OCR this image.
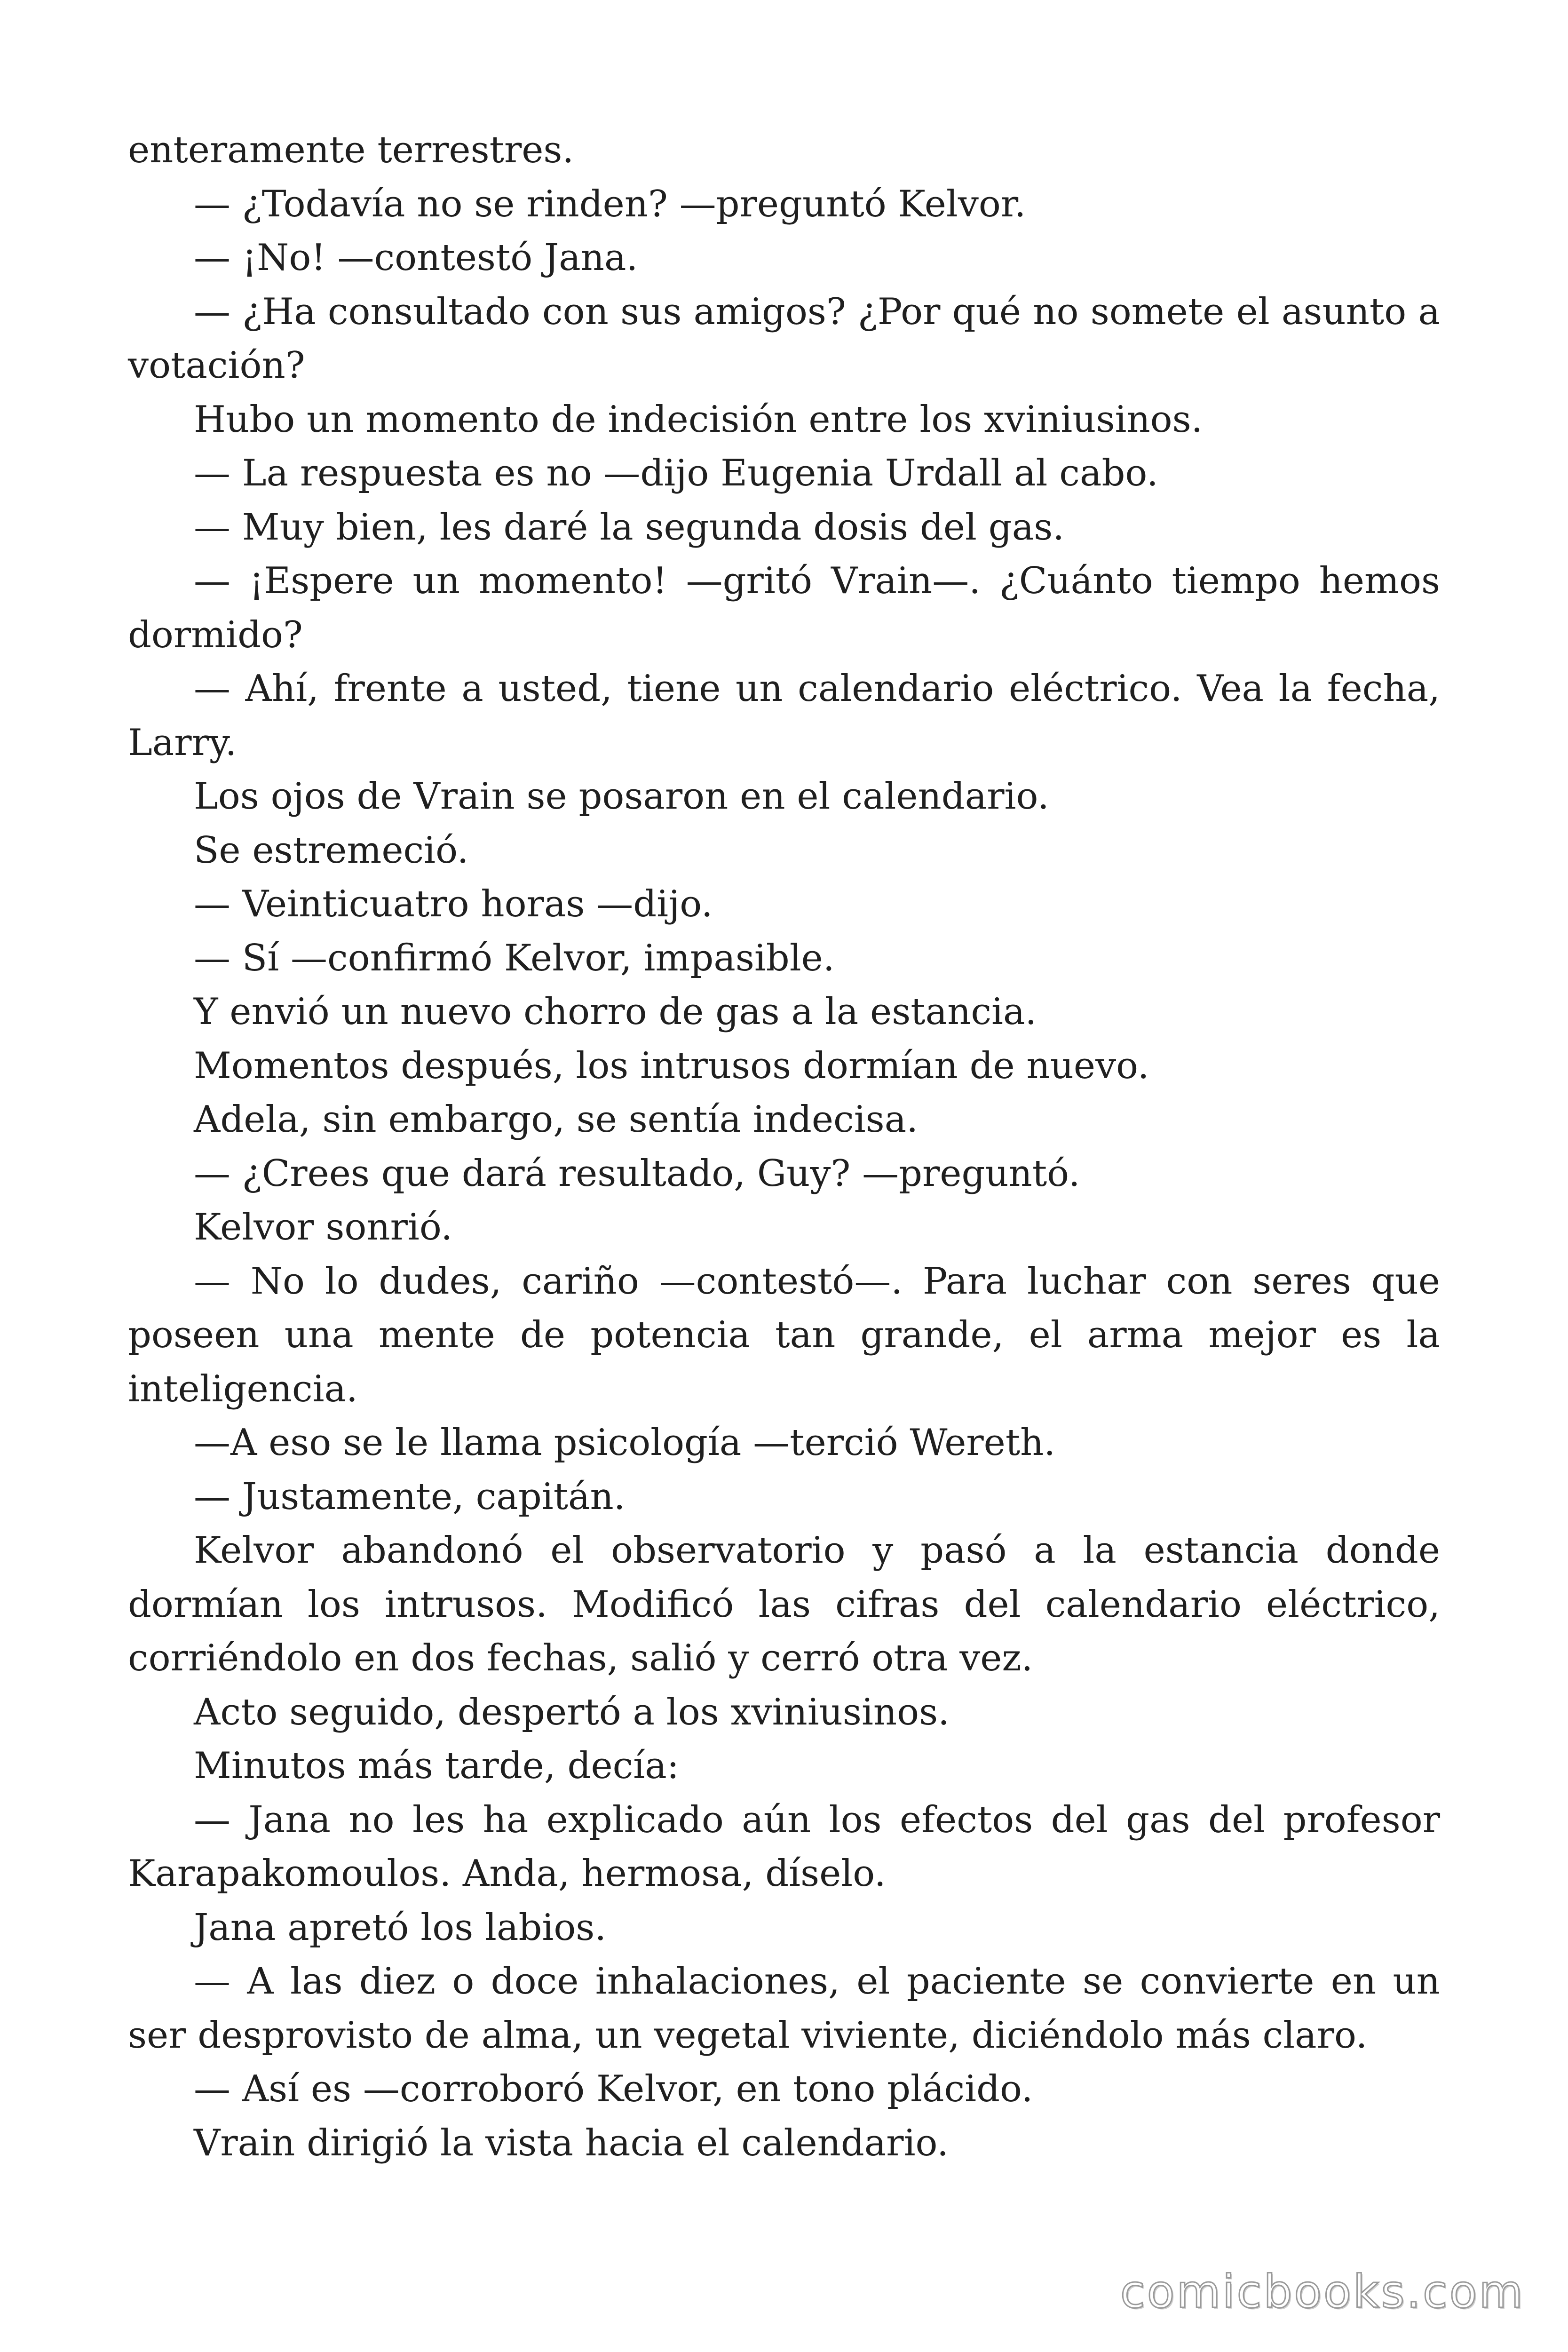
enteramente terrestres.

— ¿Todavía no se rinden? —preguntó Kelvor.

— ¡No! —contestó Jana.

— ¿Ha consultado con sus amigos? ¿Por qué no somete el asunto a votación?

Hubo un momento de indecisión entre los xviniusinos.

— La respuesta es no —dijo Eugenia Urdall al cabo.

— Muy bien, les daré la segunda dosis del gas.

— ¡Espere un momento! —gritó Vrain—. ¿Cuánto tiempo hemos dormido?

— Ahí, frente a usted, tiene un calendario eléctrico. Vea la fecha, Larry.

Los ojos de Vrain se posaron en el calendario.

Se estremeció.

— Veinticuatro horas —dijo.

— Sí —confirmó Kelvor, impasible.

Y envió un nuevo chorro de gas a la estancia.

Momentos después, los intrusos dormían de nuevo.

Adela, sin embargo, se sentía indecisa.

— ¿Crees que dará resultado, Guy? —preguntó.

Kelvor sonrió.

— No lo dudes, cariño —contestó—. Para luchar con seres que poseen una mente de potencia tan grande, el arma mejor es la inteligencia.

—A eso se le llama psicología —terció Wereth.

— Justamente, capitán.

Kelvor abandonó el observatorio y pasó a la estancia donde dormían los intrusos. Modificó las cifras del calendario eléctrico, corriéndolo en dos fechas, salió y cerró otra vez.

Acto seguido, despertó a los xviniusinos.

Minutos más tarde, decía:

— Jana no les ha explicado aún los efectos del gas del profesor Karapakomoulos. Anda, hermosa, díselo.

Jana apretó los labios.

— A las diez o doce inhalaciones, el paciente se convierte en un ser desprovisto de alma, un vegetal viviente, diciéndolo más claro.

— Así es —corroboró Kelvor, en tono plácido.

Vrain dirigió la vista hacia el calendario.

comicbooks.com
